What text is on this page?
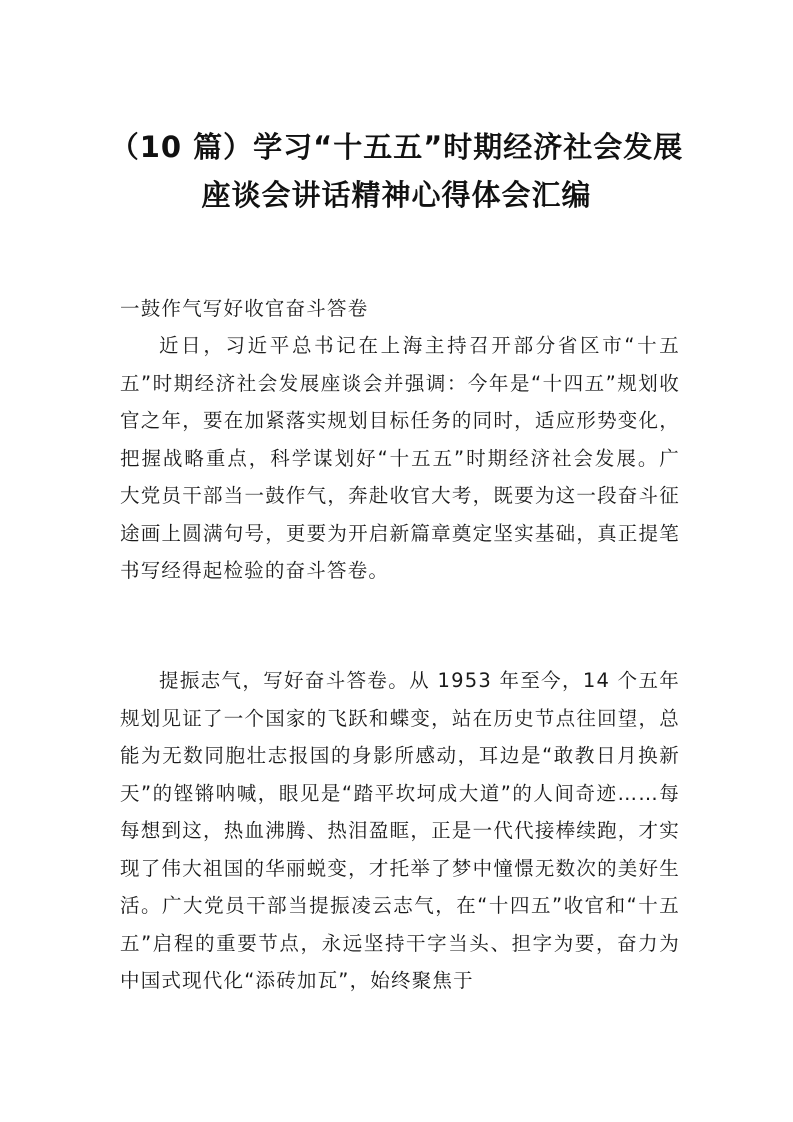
（10 篇）学习“十五五”时期经济社会发展
座谈会讲话精神心得体会汇编
一鼓作气写好收官奋斗答卷

近日，习近平总书记在上海主持召开部分省区市“十五五”时期经济社会发展座谈会并强调：今年是“十四五”规划收官之年，要在加紧落实规划目标任务的同时，适应形势变化，把握战略重点，科学谋划好“十五五”时期经济社会发展。广大党员干部当一鼓作气，奔赴收官大考，既要为这一段奋斗征途画上圆满句号，更要为开启新篇章奠定坚实基础，真正提笔书写经得起检验的奋斗答卷。

提振志气，写好奋斗答卷。从 1953 年至今，14 个五年规划见证了一个国家的飞跃和蝶变，站在历史节点往回望，总能为无数同胞壮志报国的身影所感动，耳边是“敢教日月换新天”的铿锵呐喊，眼见是“踏平坎坷成大道”的人间奇迹……每每想到这，热血沸腾、热泪盈眶，正是一代代接棒续跑，才实现了伟大祖国的华丽蜕变，才托举了梦中憧憬无数次的美好生活。广大党员干部当提振凌云志气，在“十四五”收官和“十五五”启程的重要节点，永远坚持干字当头、担字为要，奋力为中国式现代化“添砖加瓦”，始终聚焦于
